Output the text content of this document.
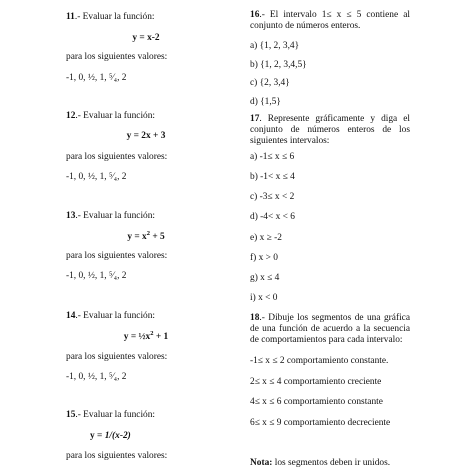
11.- Evaluar la función:
y = x-2
para los siguientes valores:
-1, 0, ½, 1, ⁵⁄₄, 2
12.- Evaluar la función:
y = 2x + 3
para los siguientes valores:
-1, 0, ½, 1, ⁵⁄₄, 2
13.- Evaluar la función:
$y = x^2 + 5$
para los siguientes valores:
-1, 0, ½, 1, ⁵⁄₄, 2
14.- Evaluar la función:
$y = \frac{1}{2}x^2 + 1$
para los siguientes valores:
-1, 0, ½, 1, ⁵⁄₄, 2
15.- Evaluar la función:
y = 1/(x-2)
para los siguientes valores:
16.- El intervalo 1≤ x ≤ 5 contiene al conjunto de números enteros.
a) {1, 2, 3,4}
b) {1, 2, 3,4,5}
c) {2, 3,4}
d) {1,5}
17. Represente gráficamente y diga el conjunto de números enteros de los siguientes intervalos:
a) -1≤ x ≤ 6
b) -1< x ≤ 4
c) -3≤ x < 2
d) -4< x < 6
e) x ≥ -2
f) x > 0
g) x ≤ 4
i) x < 0
18.- Dibuje los segmentos de una gráfica de una función de acuerdo a la secuencia de comportamientos para cada intervalo:
-1≤ x ≤ 2 comportamiento constante.
2≤ x ≤ 4 comportamiento creciente
4≤ x ≤ 6 comportamiento constante
6≤ x ≤ 9 comportamiento decreciente
Nota: los segmentos deben ir unidos.
